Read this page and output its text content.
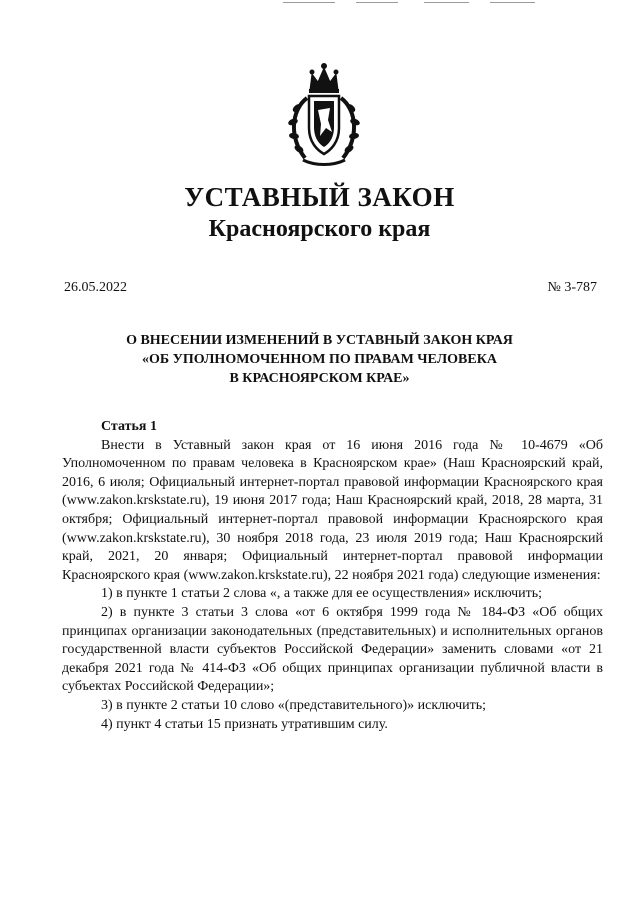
УСТАВНЫЙ ЗАКОН
Красноярского края
26.05.2022	№ 3-787
О ВНЕСЕНИИ ИЗМЕНЕНИЙ В УСТАВНЫЙ ЗАКОН КРАЯ
«ОБ УПОЛНОМОЧЕННОМ ПО ПРАВАМ ЧЕЛОВЕКА
В КРАСНОЯРСКОМ КРАЕ»
Статья 1
Внести в Уставный закон края от 16 июня 2016 года № 10-4679 «Об Уполномоченном по правам человека в Красноярском крае» (Наш Красноярский край, 2016, 6 июля; Официальный интернет-портал правовой информации Красноярского края (www.zakon.krskstate.ru), 19 июня 2017 года; Наш Красноярский край, 2018, 28 марта, 31 октября; Официальный интернет-портал правовой информации Красноярского края (www.zakon.krskstate.ru), 30 ноября 2018 года, 23 июля 2019 года; Наш Красноярский край, 2021, 20 января; Официальный интернет-портал правовой информации Красноярского края (www.zakon.krskstate.ru), 22 ноября 2021 года) следующие изменения:
1) в пункте 1 статьи 2 слова «, а также для ее осуществления» исключить;
2) в пункте 3 статьи 3 слова «от 6 октября 1999 года № 184-ФЗ «Об общих принципах организации законодательных (представительных) и исполнительных органов государственной власти субъектов Российской Федерации» заменить словами «от 21 декабря 2021 года № 414-ФЗ «Об общих принципах организации публичной власти в субъектах Российской Федерации»;
3) в пункте 2 статьи 10 слово «(представительного)» исключить;
4) пункт 4 статьи 15 признать утратившим силу.
